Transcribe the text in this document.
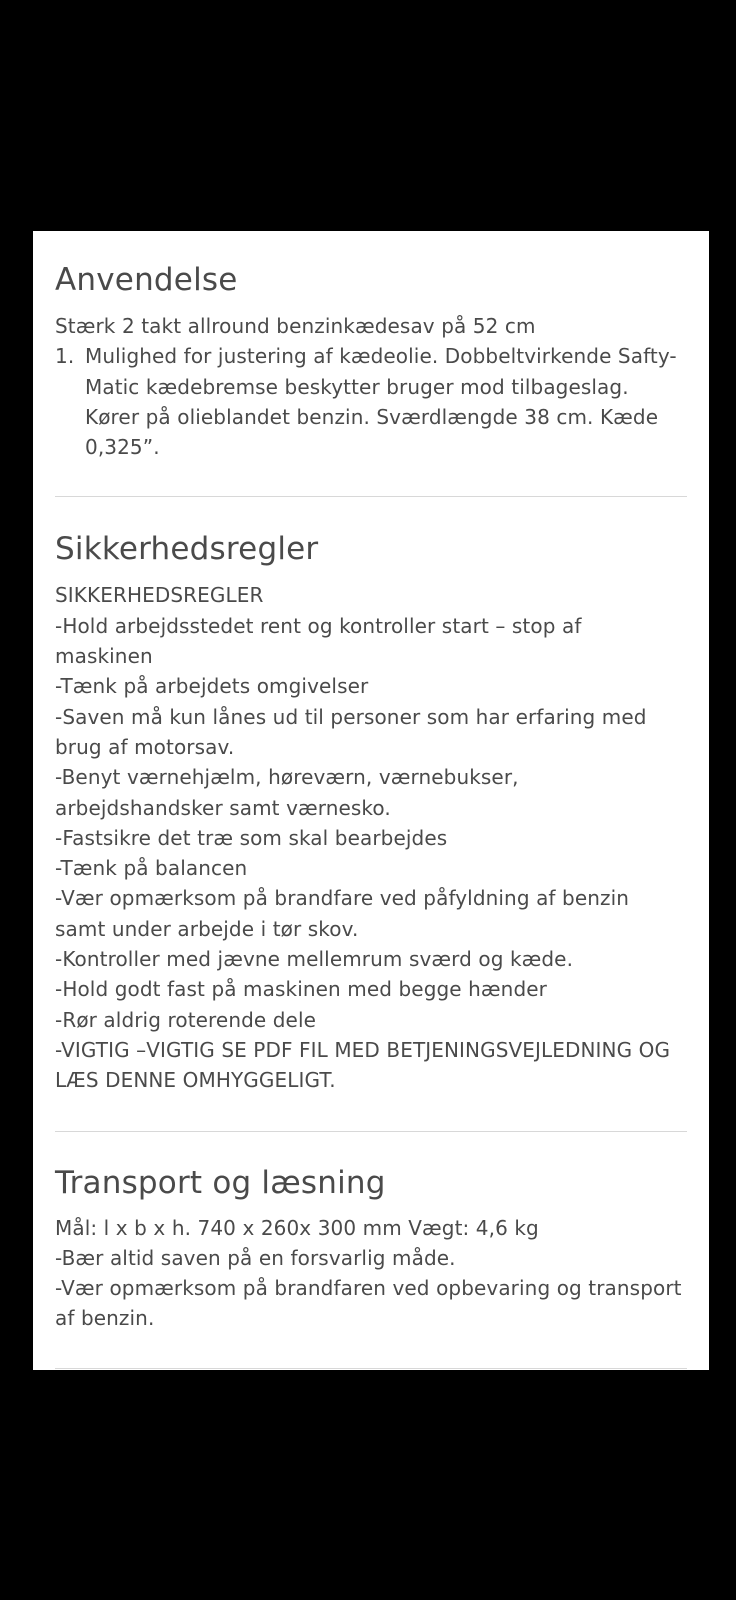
Anvendelse
Stærk 2 takt allround benzinkædesav på 52 cm
1. Mulighed for justering af kædeolie. Dobbeltvirkende Safty-
Matic kædebremse beskytter bruger mod tilbageslag.
Kører på olieblandet benzin. Sværdlængde 38 cm. Kæde
0,325”.
Sikkerhedsregler
SIKKERHEDSREGLER
-Hold arbejdsstedet rent og kontroller start – stop af
maskinen
-Tænk på arbejdets omgivelser
-Saven må kun lånes ud til personer som har erfaring med
brug af motorsav.
-Benyt værnehjælm, høreværn, værnebukser,
arbejdshandsker samt værnesko.
-Fastsikre det træ som skal bearbejdes
-Tænk på balancen
-Vær opmærksom på brandfare ved påfyldning af benzin
samt under arbejde i tør skov.
-Kontroller med jævne mellemrum sværd og kæde.
-Hold godt fast på maskinen med begge hænder
-Rør aldrig roterende dele
-VIGTIG –VIGTIG SE PDF FIL MED BETJENINGSVEJLEDNING OG
LÆS DENNE OMHYGGELIGT.
Transport og læsning
Mål: l x b x h. 740 x 260x 300 mm Vægt: 4,6 kg
-Bær altid saven på en forsvarlig måde.
-Vær opmærksom på brandfaren ved opbevaring og transport
af benzin.
